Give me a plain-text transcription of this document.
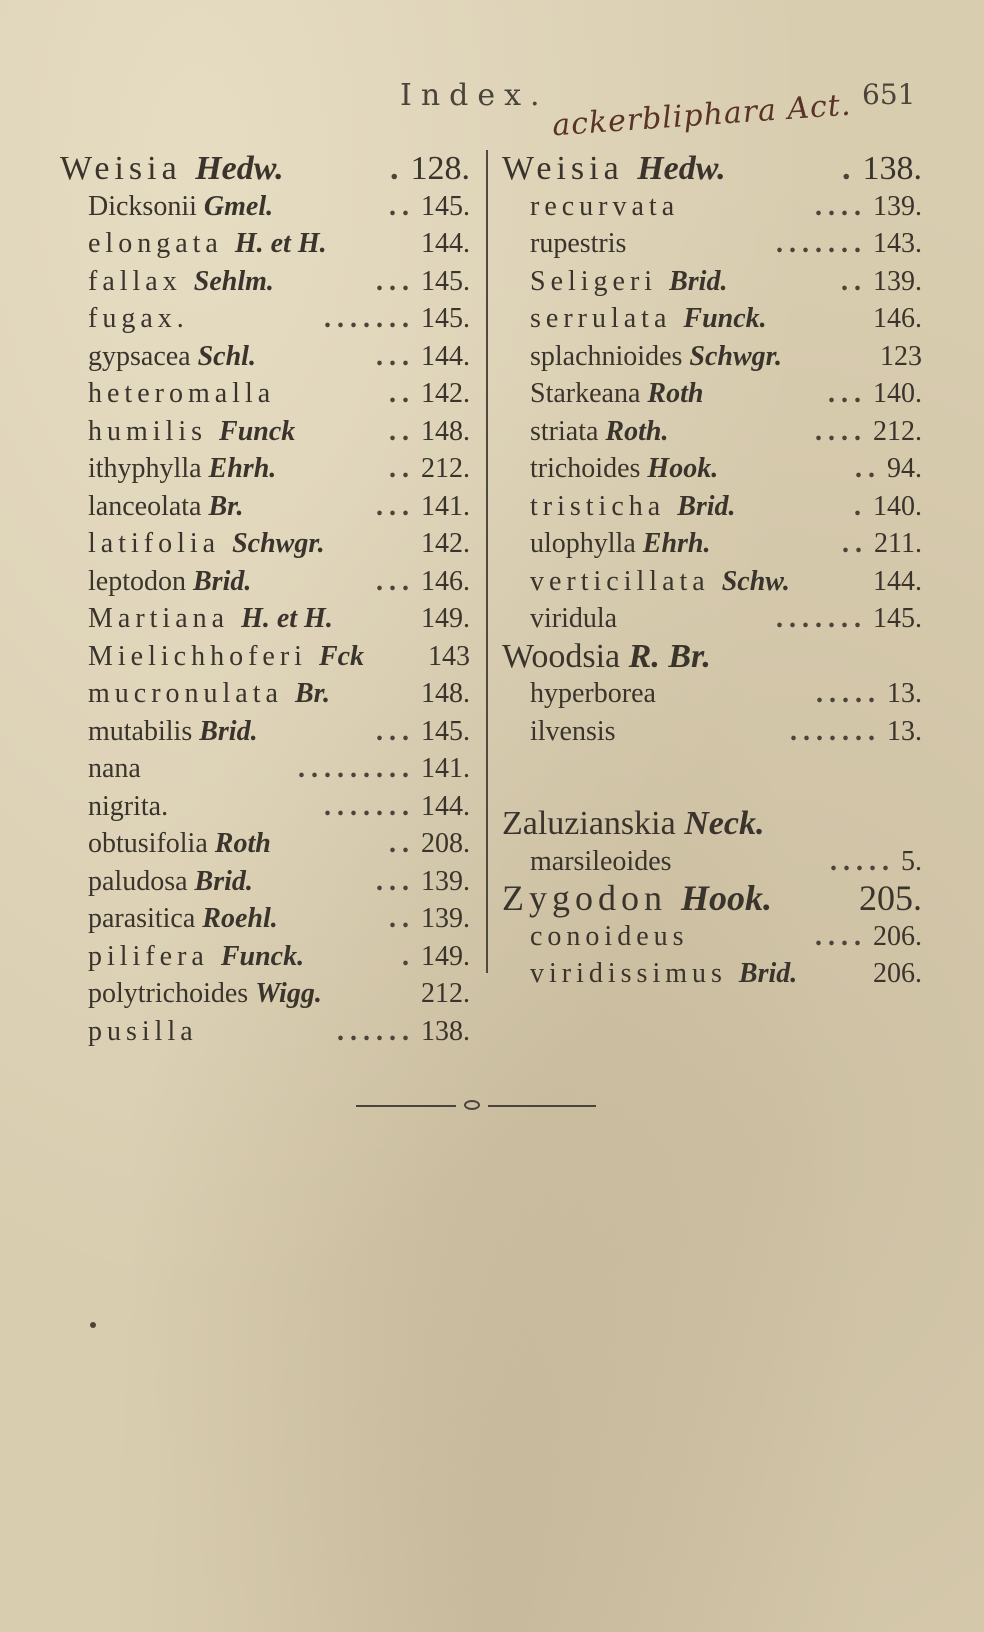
Index. ackerbliphara Act. 651
Weisia Hedw.	. 128.
Dicksonii Gmel.	.. 145.
elongata H. et H.	144.
fallax Sehlm.	... 145.
fugax.	....... 145.
gypsacea Schl.	... 144.
heteromalla	.. 142.
humilis Funck	.. 148.
ithyphylla Ehrh.	.. 212.
lanceolata Br.	... 141.
latifolia Schwgr.	142.
leptodon Brid.	... 146.
Martiana H. et H.	149.
Mielichhoferi Fck 143
mucronulata Br.	148.
mutabilis Brid.	... 145.
nana	......... 141.
nigrita.	....... 144.
obtusifolia Roth	.. 208.
paludosa Brid.	... 139.
parasitica Roehl.	.. 139.
pilifera Funck.	. 149.
polytrichoides Wigg.	212.
pusilla	...... 138.
Weisia Hedw.	. 138.
recurvata	.... 139.
rupestris	....... 143.
Seligeri Brid.	.. 139.
serrulata Funck.	146.
splachnioides Schwgr.	123
Starkeana Roth	... 140.
striata Roth.	.... 212.
trichoides Hook.	.. 94.
tristicha Brid.	. 140.
ulophylla Ehrh.	.. 211.
verticillata Schw.	144.
viridula	....... 145.
Woodsia R. Br.
hyperborea	..... 13.
ilvensis	....... 13.
Zaluzianskia Neck.
marsileoides	..... 5.
Zygodon Hook. 205.
conoideus	.... 206.
viridissimus Brid.	206.
